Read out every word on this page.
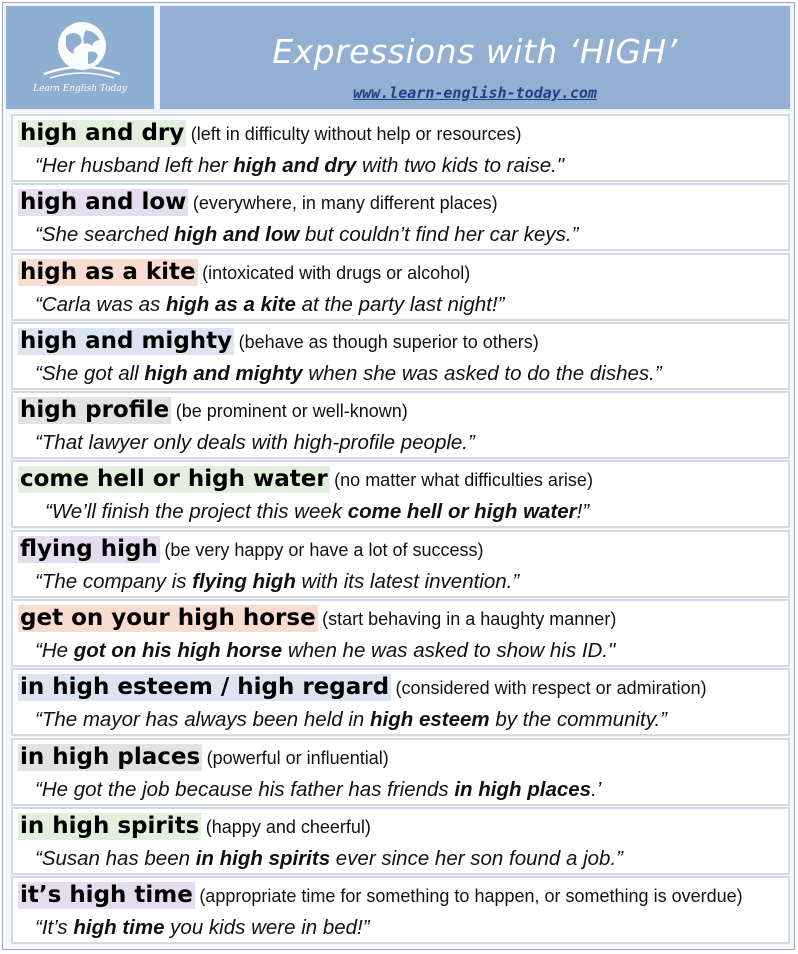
Learn English Today
Expressions with ‘HIGH’
www.learn-english-today.com
high and dry (left in difficulty without help or resources)
“Her husband left her high and dry with two kids to raise."
high and low (everywhere, in many different places)
“She searched high and low but couldn’t find her car keys.”
high as a kite (intoxicated with drugs or alcohol)
“Carla was as high as a kite at the party last night!”
high and mighty (behave as though superior to others)
“She got all high and mighty when she was asked to do the dishes.”
high profile (be prominent or well-known)
“That lawyer only deals with high-profile people.”
come hell or high water (no matter what difficulties arise)
“We’ll finish the project this week come hell or high water!”
flying high (be very happy or have a lot of success)
“The company is flying high with its latest invention.”
get on your high horse (start behaving in a haughty manner)
“He got on his high horse when he was asked to show his ID."
in high esteem / high regard (considered with respect or admiration)
“The mayor has always been held in high esteem by the community.”
in high places (powerful or influential)
“He got the job because his father has friends in high places.’
in high spirits (happy and cheerful)
“Susan has been in high spirits ever since her son found a job.”
it’s high time (appropriate time for something to happen, or something is overdue)
“It’s high time you kids were in bed!”
